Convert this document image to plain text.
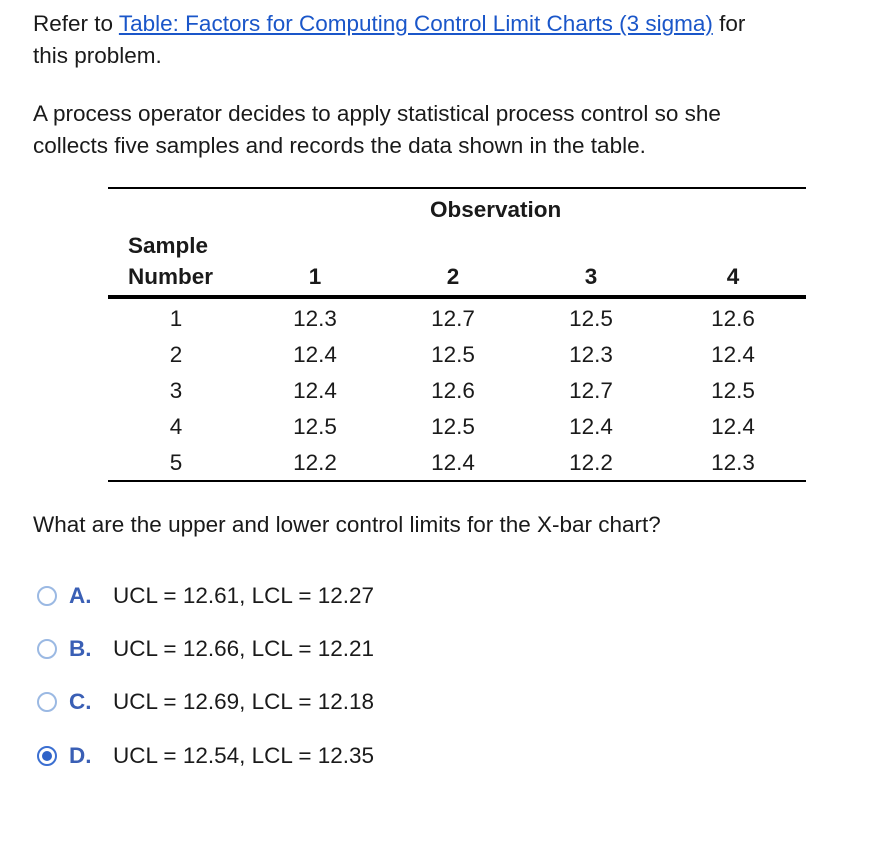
Refer to Table: Factors for Computing Control Limit Charts (3 sigma) for
this problem.

A process operator decides to apply statistical process control so she
collects five samples and records the data shown in the table.

Observation
Sample
Number	1	2	3	4
1	12.3	12.7	12.5	12.6
2	12.4	12.5	12.3	12.4
3	12.4	12.6	12.7	12.5
4	12.5	12.5	12.4	12.4
5	12.2	12.4	12.2	12.3
What are the upper and lower control limits for the X-bar chart?
A. UCL = 12.61, LCL = 12.27
B. UCL = 12.66, LCL = 12.21
C. UCL = 12.69, LCL = 12.18
D. UCL = 12.54, LCL = 12.35
